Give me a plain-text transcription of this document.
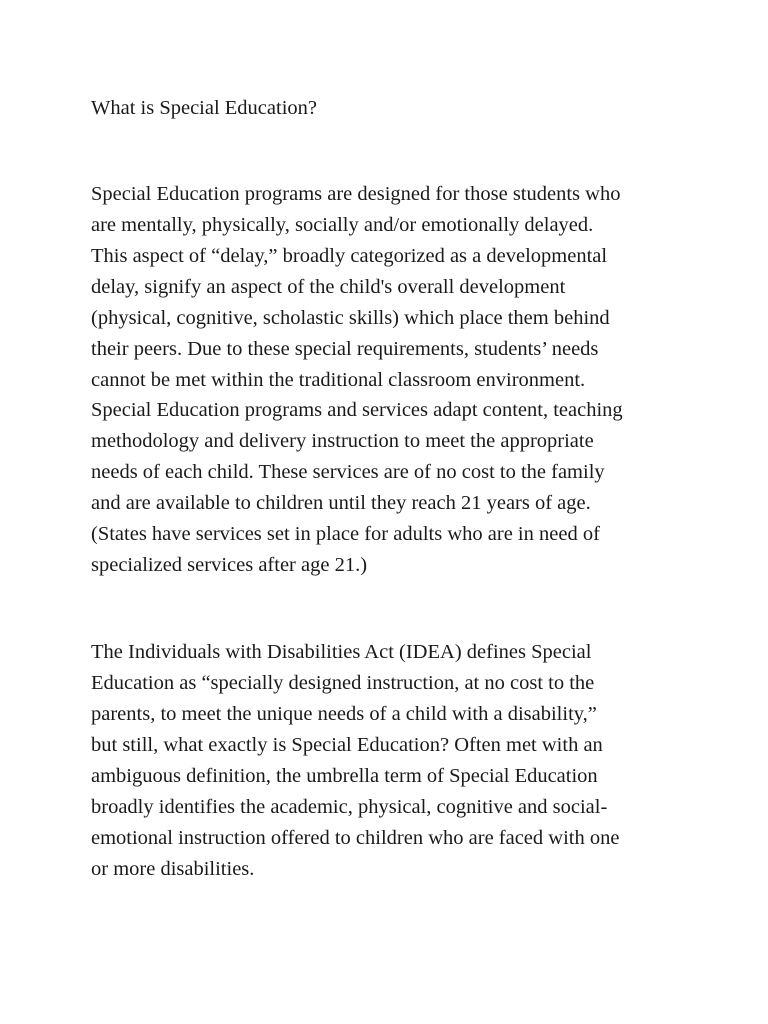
What is Special Education?
Special Education programs are designed for those students who
are mentally, physically, socially and/or emotionally delayed.
This aspect of “delay,” broadly categorized as a developmental
delay, signify an aspect of the child's overall development
(physical, cognitive, scholastic skills) which place them behind
their peers. Due to these special requirements, students’ needs
cannot be met within the traditional classroom environment.
Special Education programs and services adapt content, teaching
methodology and delivery instruction to meet the appropriate
needs of each child. These services are of no cost to the family
and are available to children until they reach 21 years of age.
(States have services set in place for adults who are in need of
specialized services after age 21.)
The Individuals with Disabilities Act (IDEA) defines Special
Education as “specially designed instruction, at no cost to the
parents, to meet the unique needs of a child with a disability,”
but still, what exactly is Special Education? Often met with an
ambiguous definition, the umbrella term of Special Education
broadly identifies the academic, physical, cognitive and social-
emotional instruction offered to children who are faced with one
or more disabilities.
